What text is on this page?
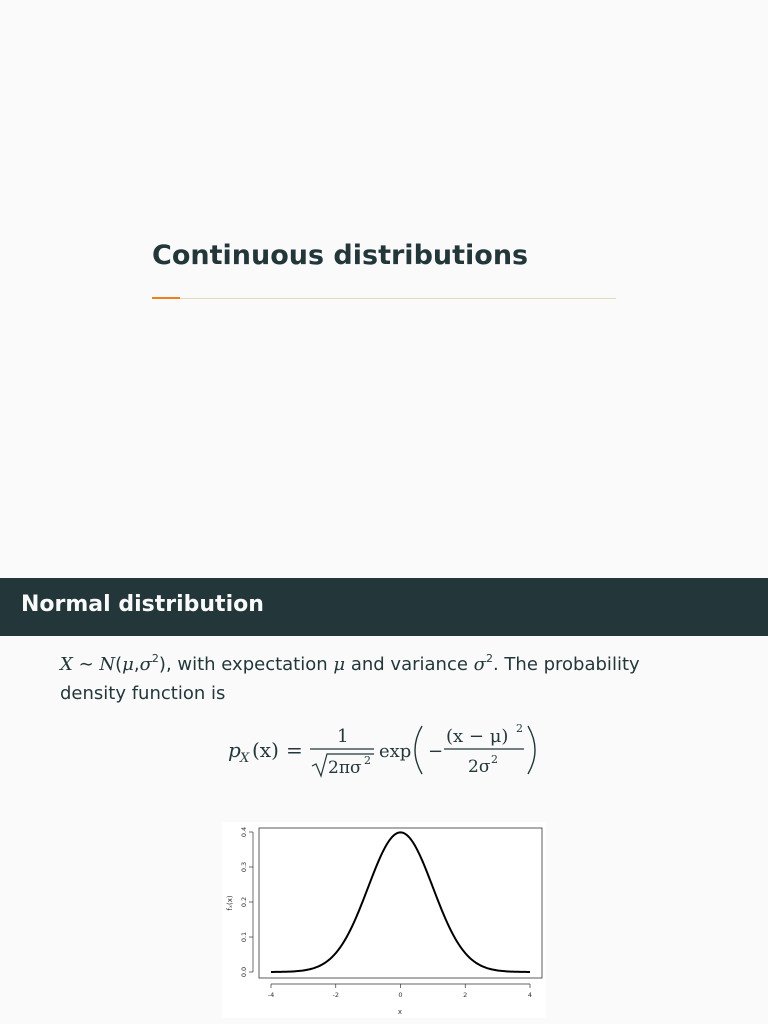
Continuous distributions
Normal distribution
X ∼ $N(\mu,\sigma^2)$, with expectation μ and variance $\sigma^2$. The probability density function is
p X (x) =
1
2πσ 2 exp −
(x − μ) 2
2σ 2
-4	-2	0	2	4
0.0
0.1
0.2
0.3
0.4
x
fₓ(x)
